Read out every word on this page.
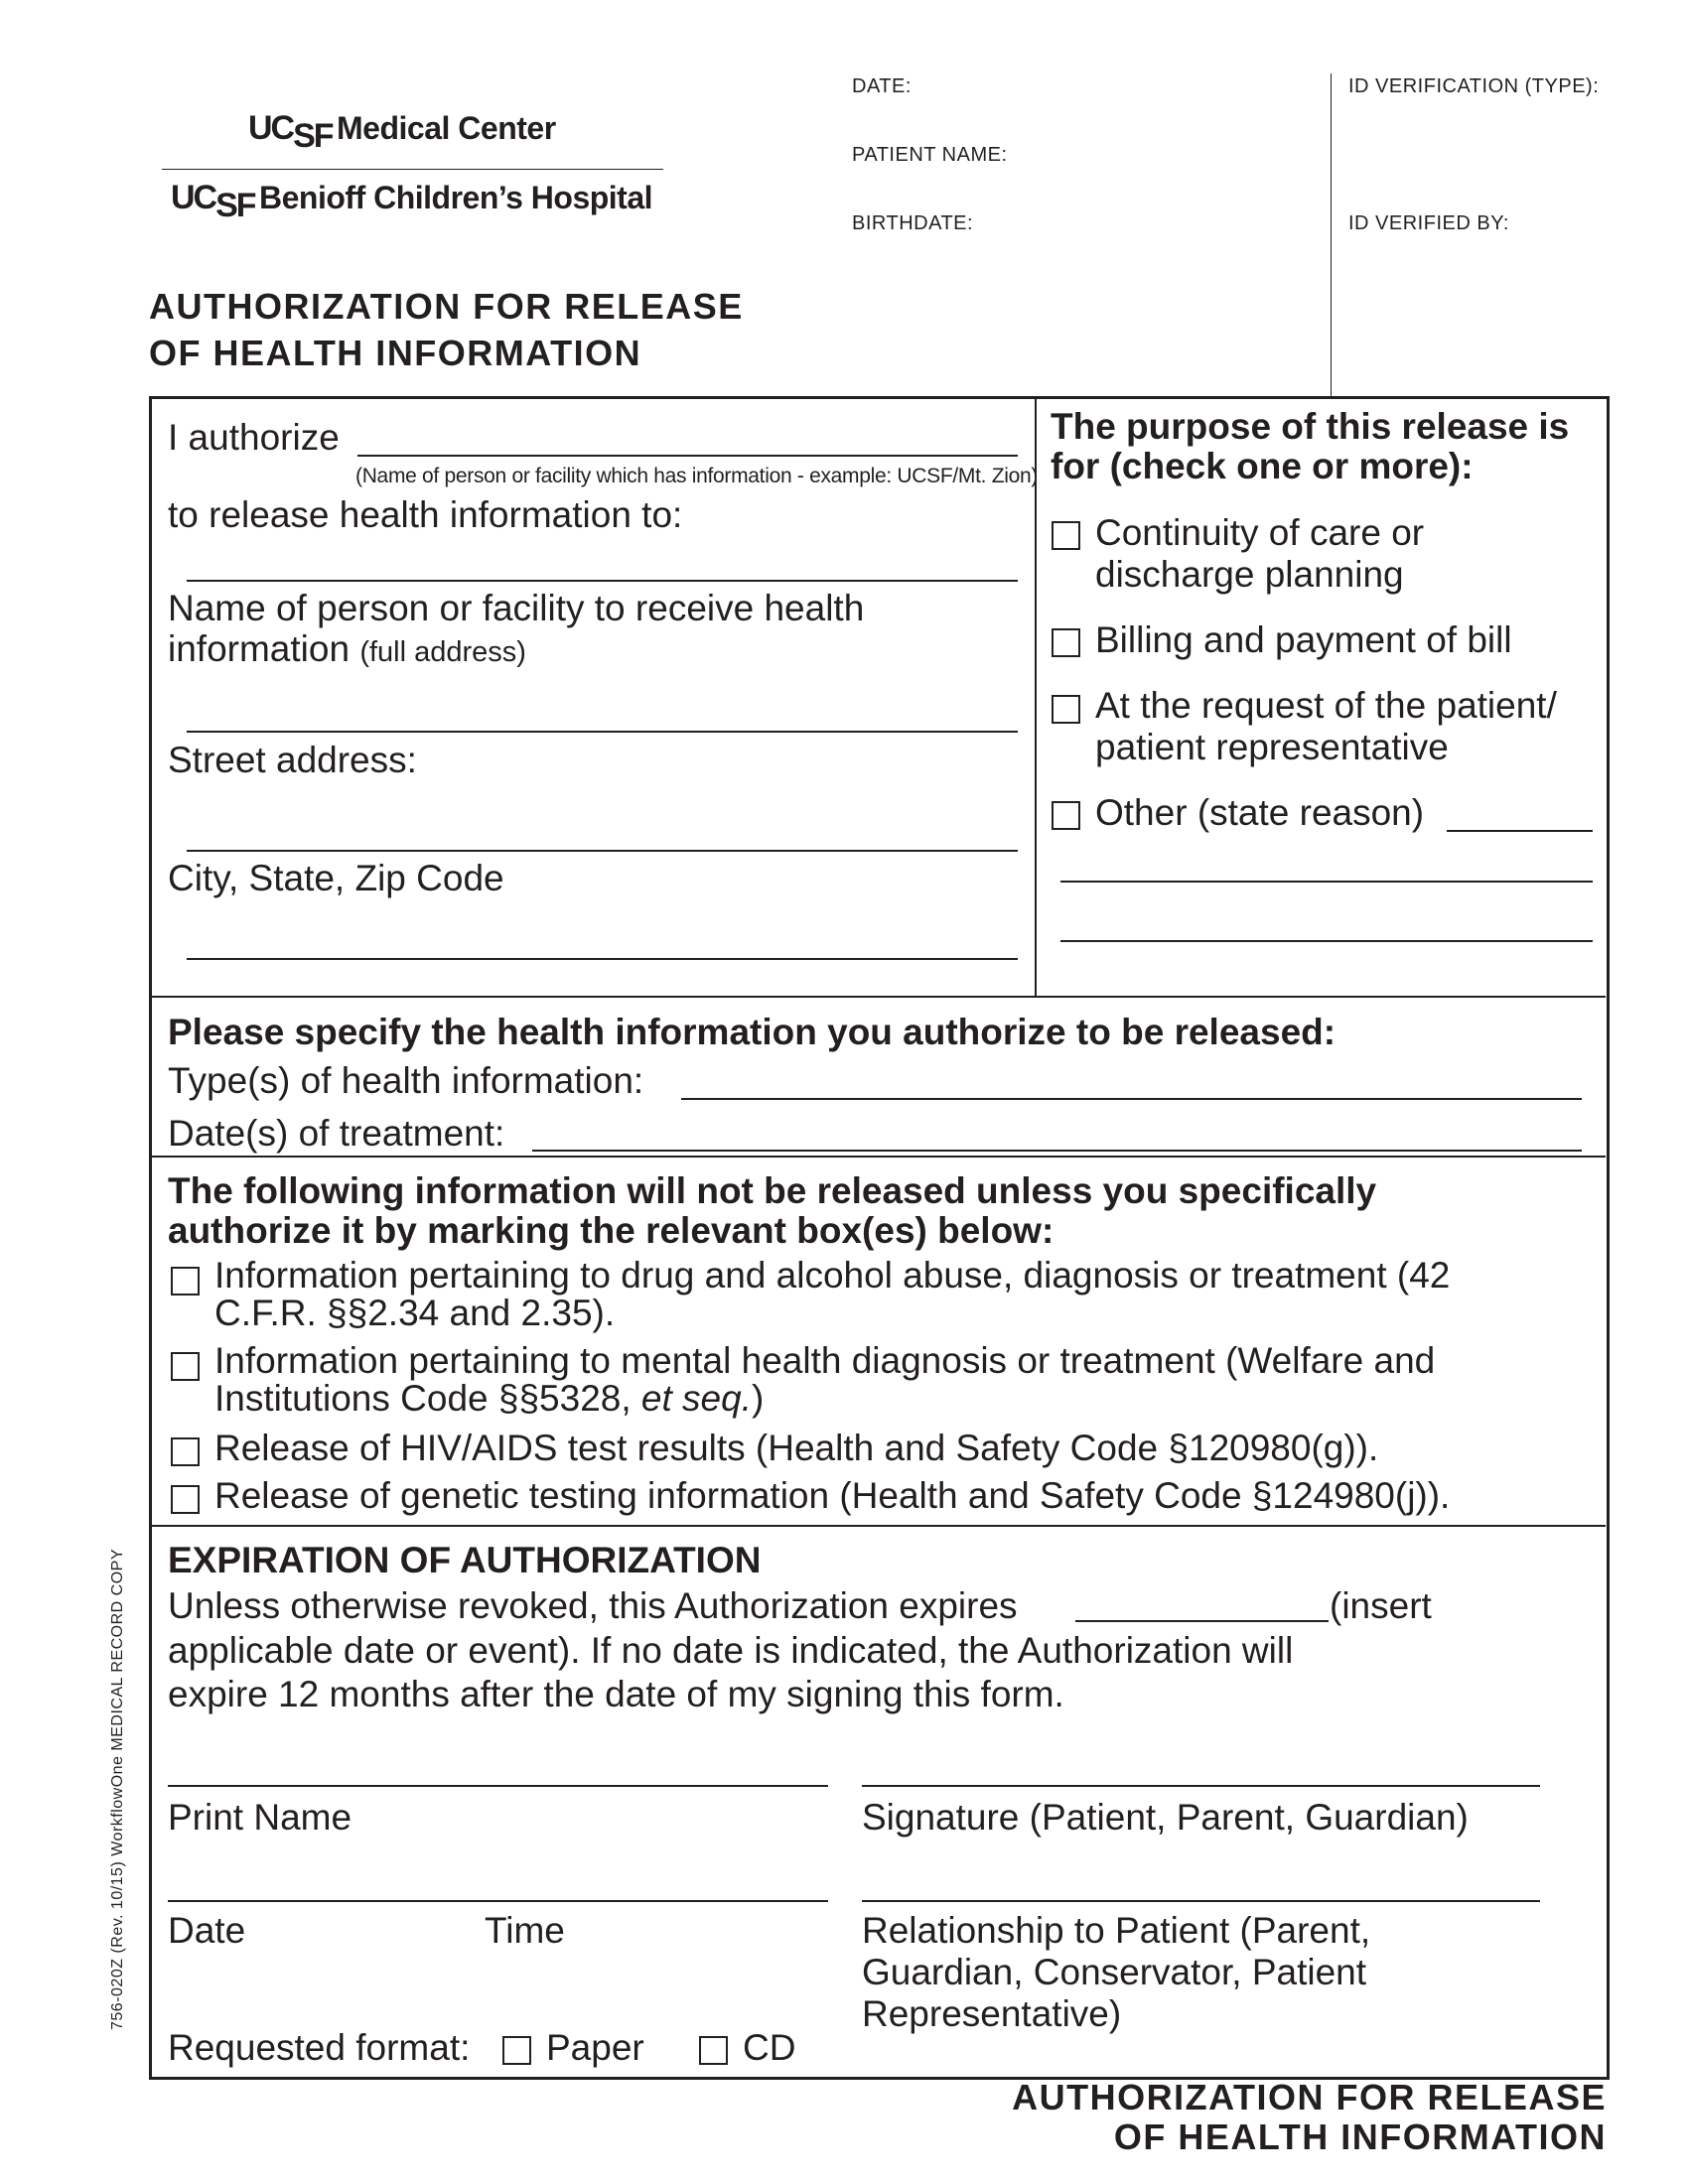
UCSF Medical Center
UCSF Benioff Children’s Hospital
DATE:
PATIENT NAME:
BIRTHDATE:
ID VERIFICATION (TYPE):
ID VERIFIED BY:
AUTHORIZATION FOR RELEASE
OF HEALTH INFORMATION
I authorize
(Name of person or facility which has information - example: UCSF/Mt. Zion)
to release health information to:
Name of person or facility to receive health
information (full address)
Street address:
City, State, Zip Code
The purpose of this release is
for (check one or more):
Continuity of care or
discharge planning
Billing and payment of bill
At the request of the patient/
patient representative
Other (state reason)
Please specify the health information you authorize to be released:
Type(s) of health information:
Date(s) of treatment:
The following information will not be released unless you specifically
authorize it by marking the relevant box(es) below:
Information pertaining to drug and alcohol abuse, diagnosis or treatment (42
C.F.R. §§2.34 and 2.35).
Information pertaining to mental health diagnosis or treatment (Welfare and
Institutions Code §§5328, et seq.)
Release of HIV/AIDS test results (Health and Safety Code §120980(g)).
Release of genetic testing information (Health and Safety Code §124980(j)).
EXPIRATION OF AUTHORIZATION
Unless otherwise revoked, this Authorization expires	(insert
applicable date or event). If no date is indicated, the Authorization will
expire 12 months after the date of my signing this form.
Print Name	Signature (Patient, Parent, Guardian)
Date	Time	Relationship to Patient (Parent,
Guardian, Conservator, Patient
Representative)
Requested format: Paper	CD
756-020Z (Rev. 10/15) WorkflowOne MEDICAL RECORD COPY
AUTHORIZATION FOR RELEASE
OF HEALTH INFORMATION
